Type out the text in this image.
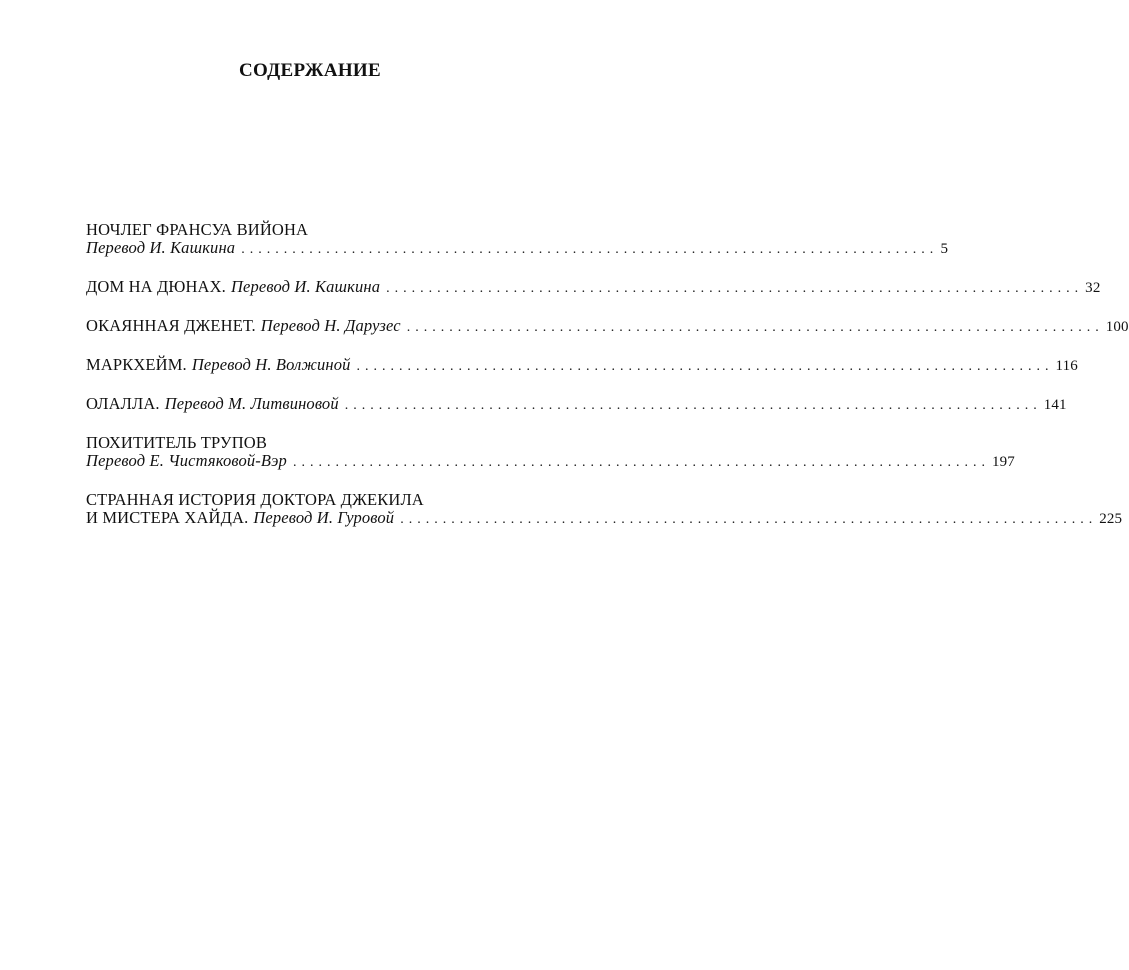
СОДЕРЖАНИЕ
НОЧЛЕГ ФРАНСУА ВИЙОНА
Перевод И. Кашкина .................................................................................. 5
ДОМ НА ДЮНАХ. Перевод И. Кашкина .................................................................................. 32
ОКАЯННАЯ ДЖЕНЕТ. Перевод Н. Дарузес .................................................................................. 100
МАРКХЕЙМ. Перевод Н. Волжиной .................................................................................. 116
ОЛАЛЛА. Перевод М. Литвиновой .................................................................................. 141
ПОХИТИТЕЛЬ ТРУПОВ
Перевод Е. Чистяковой-Вэр .................................................................................. 197
СТРАННАЯ ИСТОРИЯ ДОКТОРА ДЖЕКИЛА
И МИСТЕРА ХАЙДА. Перевод И. Гуровой .................................................................................. 225
